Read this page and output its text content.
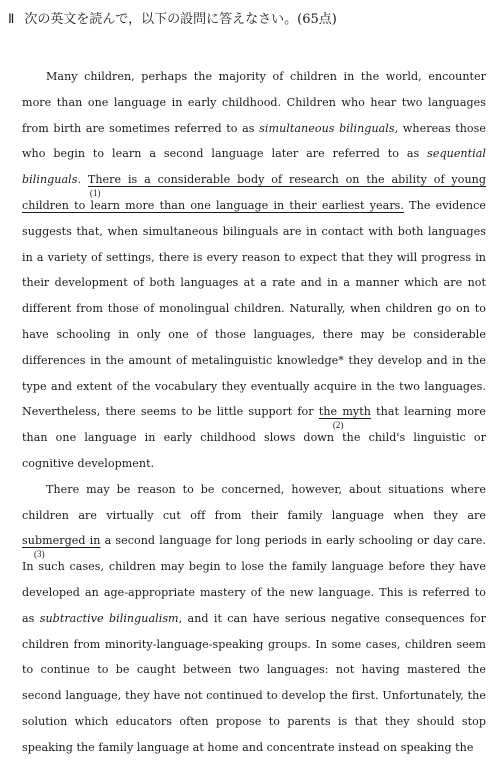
Ⅱ 次の英文を読んで，以下の設問に答えなさい。(65点)

Many children, perhaps the majority of children in the world, encounter more than one language in early childhood. Children who hear two languages from birth are sometimes referred to as simultaneous bilinguals, whereas those who begin to learn a second language later are referred to as sequential bilinguals.
(1)
There is a considerable body of research on the ability of young children to learn more than one language in their earliest years. The evidence suggests that, when simultaneous bilinguals are in contact with both languages in a variety of settings, there is every reason to expect that they will progress in their development of both languages at a rate and in a manner which are not different from those of monolingual children. Naturally, when children go on to have schooling in only one of those languages, there may be considerable differences in the amount of metalinguistic knowledge* they develop and in the type and extent of the vocabulary they eventually acquire in the two languages. Nevertheless, there seems to be little support for
(2)
the myth that learning more than one language in early childhood slows down the child's linguistic or cognitive development.

There may be reason to be concerned, however, about situations where children are virtually cut off from their family language when they are
(3)
submerged in a second language for long periods in early schooling or day care. In such cases, children may begin to lose the family language before they have developed an age-appropriate mastery of the new language. This is referred to as subtractive bilingualism, and it can have serious negative consequences for children from minority-language-speaking groups. In some cases, children seem to continue to be caught between two languages: not having mastered the second language, they have not continued to develop the first. Unfortunately, the solution which educators often propose to parents is that they should stop speaking the family language at home and concentrate instead on speaking the
